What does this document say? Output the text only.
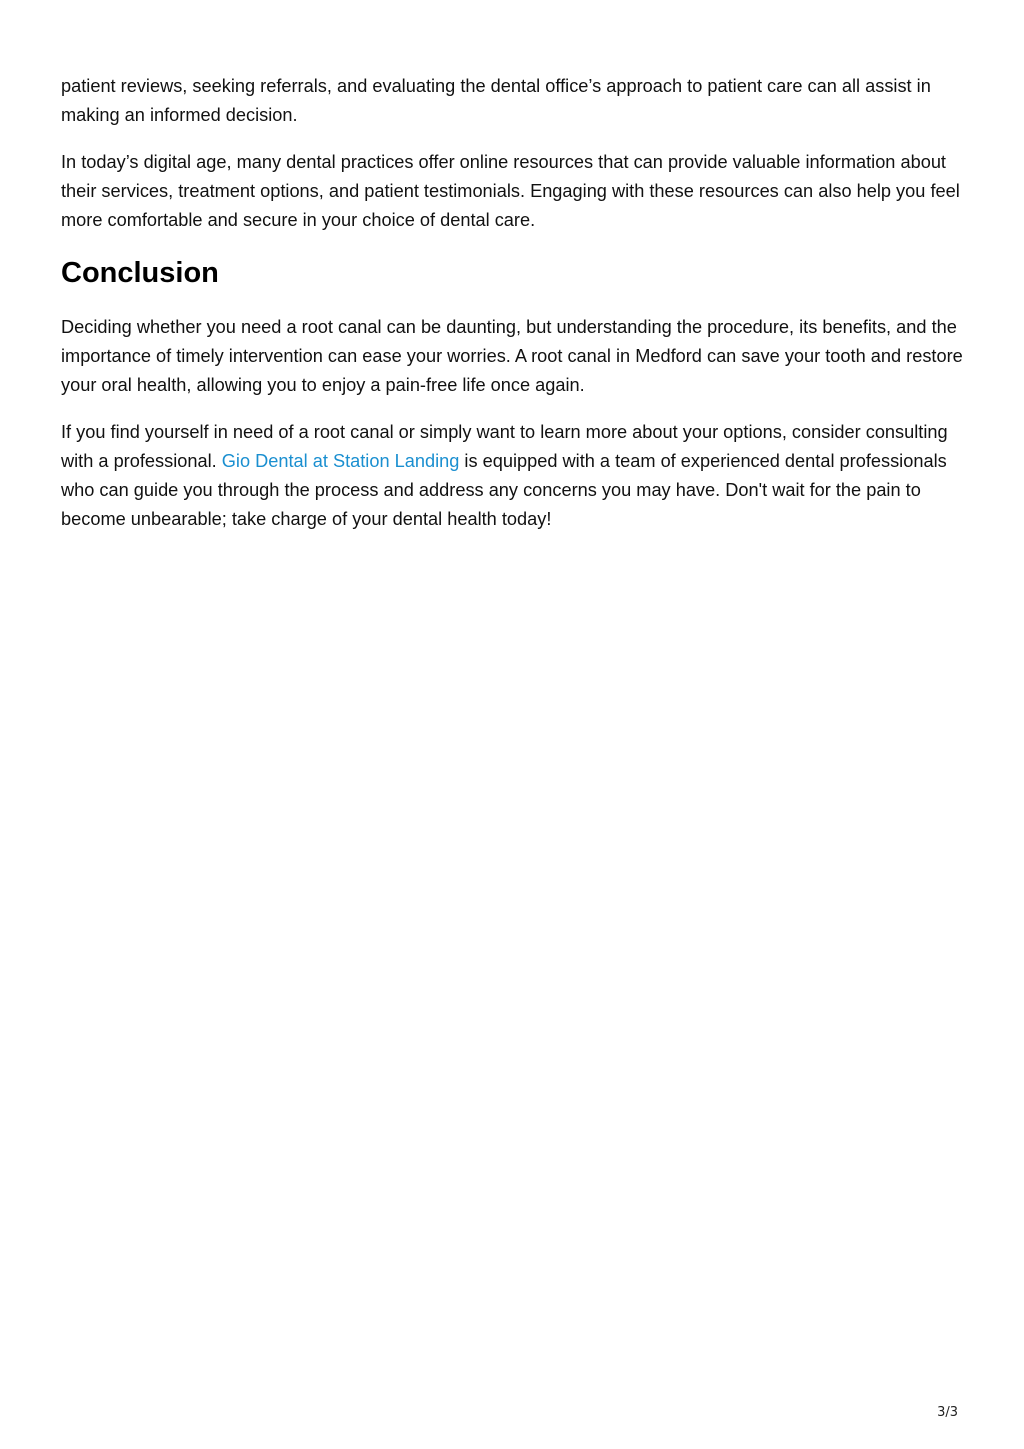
patient reviews, seeking referrals, and evaluating the dental office’s approach to patient care can all assist in making an informed decision.

In today’s digital age, many dental practices offer online resources that can provide valuable information about their services, treatment options, and patient testimonials. Engaging with these resources can also help you feel more comfortable and secure in your choice of dental care.

Conclusion

Deciding whether you need a root canal can be daunting, but understanding the procedure, its benefits, and the importance of timely intervention can ease your worries. A root canal in Medford can save your tooth and restore your oral health, allowing you to enjoy a pain-free life once again.

If you find yourself in need of a root canal or simply want to learn more about your options, consider consulting with a professional. Gio Dental at Station Landing is equipped with a team of experienced dental professionals who can guide you through the process and address any concerns you may have. Don't wait for the pain to become unbearable; take charge of your dental health today!

3/3
